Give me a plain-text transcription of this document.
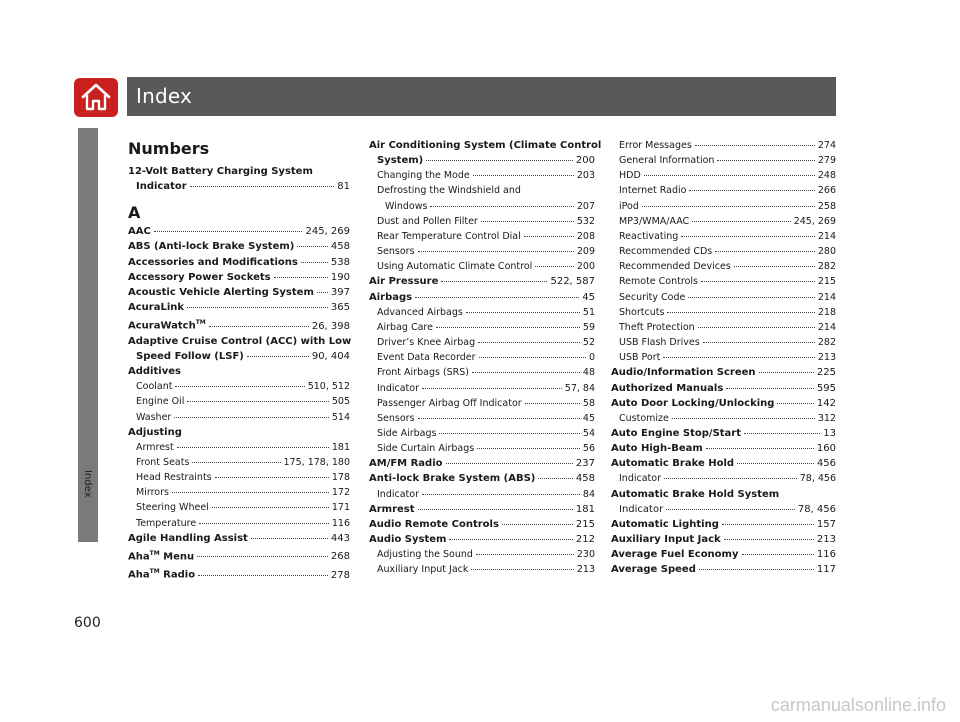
Index
Index
600
carmanualsonline.info
Numbers
12-Volt Battery Charging System
Indicator	81
A
AAC	245, 269
ABS (Anti-lock Brake System)	458
Accessories and Modifications	538
Accessory Power Sockets	190
Acoustic Vehicle Alerting System 397
AcuraLink	365
AcuraWatch™	26, 398
Adaptive Cruise Control (ACC) with Low
Speed Follow (LSF)	90, 404
Additives
Coolant	510, 512
Engine Oil	505
Washer	514
Adjusting
Armrest	181
Front Seats	175, 178, 180
Head Restraints	178
Mirrors	172
Steering Wheel	171
Temperature	116
Agile Handling Assist	443
Aha™ Menu	268
Aha™ Radio	278
Air Conditioning System (Climate Control
System)	200
Changing the Mode	203
Defrosting the Windshield and
Windows	207
Dust and Pollen Filter	532
Rear Temperature Control Dial	208
Sensors	209
Using Automatic Climate Control	200
Air Pressure	522, 587
Airbags	45
Advanced Airbags	51
Airbag Care	59
Driver’s Knee Airbag	52
Event Data Recorder	0
Front Airbags (SRS)	48
Indicator	57, 84
Passenger Airbag Off Indicator	58
Sensors	45
Side Airbags	54
Side Curtain Airbags	56
AM/FM Radio	237
Anti-lock Brake System (ABS)	458
Indicator	84
Armrest	181
Audio Remote Controls	215
Audio System	212
Adjusting the Sound	230
Auxiliary Input Jack	213
Error Messages	274
General Information	279
HDD	248
Internet Radio	266
iPod	258
MP3/WMA/AAC	245, 269
Reactivating	214
Recommended CDs	280
Recommended Devices	282
Remote Controls	215
Security Code	214
Shortcuts	218
Theft Protection	214
USB Flash Drives	282
USB Port	213
Audio/Information Screen	225
Authorized Manuals	595
Auto Door Locking/Unlocking	142
Customize	312
Auto Engine Stop/Start	13
Auto High-Beam	160
Automatic Brake Hold	456
Indicator	78, 456
Automatic Brake Hold System
Indicator	78, 456
Automatic Lighting	157
Auxiliary Input Jack	213
Average Fuel Economy	116
Average Speed	117
